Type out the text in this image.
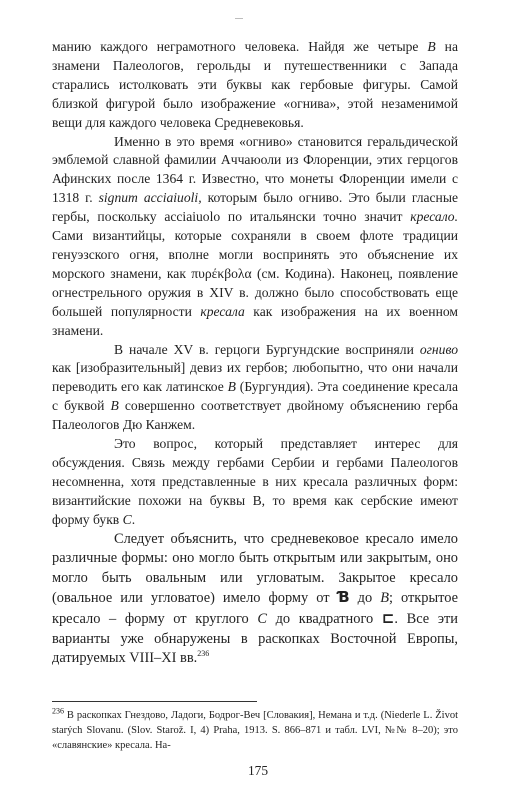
манию каждого неграмотного человека. Найдя же четыре B на знамени Палеологов, герольды и путешественники с Запада старались истолковать эти буквы как гербовые фигуры. Самой близкой фигурой было изображение «огнива», этой незаменимой вещи для каждого человека Средневековья.

Именно в это время «огниво» становится геральдической эмблемой славной фамилии Аччаюоли из Флоренции, этих герцогов Афинских после 1364 г. Известно, что монеты Флоренции имели с 1318 г. signum acciaiuoli, которым было огниво. Это были гласные гербы, поскольку acciaiuolo по итальянски точно значит кресало. Сами византийцы, которые сохраняли в своем флоте традиции генуэзского огня, вполне могли воспринять это объяснение их морского знамени, как πυρέκβολα (см. Кодина). Наконец, появление огнестрельного оружия в XIV в. должно было способствовать еще большей популярности кресала как изображения на их военном знамени.

В начале XV в. герцоги Бургундские восприняли огниво как [изобразительный] девиз их гербов; любопытно, что они начали переводить его как латинское B (Бургундия). Эта соединение кресала с буквой B совершенно соответствует двойному объяснению герба Палеологов Дю Канжем.

Это вопрос, который представляет интерес для обсуждения. Связь между гербами Сербии и гербами Палеологов несомненна, хотя представленные в них кресала различных форм: византийские похожи на буквы B, то время как сербские имеют форму букв C.

Следует объяснить, что средневековое кресало имело различные формы: оно могло быть открытым или закрытым, оно могло быть овальным или угловатым. Закрытое кресало (овальное или угловатое) имело форму от Ɓ до B; открытое кресало – форму от круглого C до квадратного ⊏. Все эти варианты уже обнаружены в раскопках Восточной Европы, датируемых VIII–XI вв.$^{236}$

$^{236}$ В раскопках Гнездово, Ладоги, Бодрог-Веч [Словакия], Немана и т.д. (Niederle L. Život starých Slovanu. (Slov. Starož. I, 4) Praha, 1913. S. 866–871 и табл. LVI, №№ 8–20); это «славянские» кресала. На-
175
